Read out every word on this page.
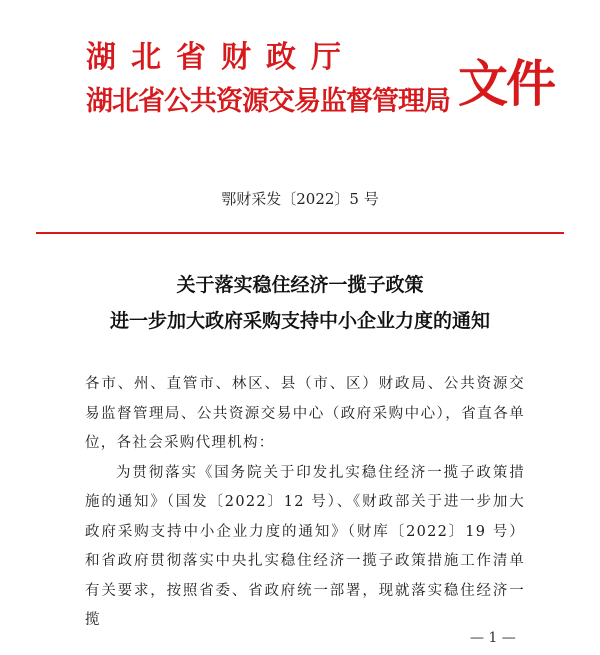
湖北省财政厅
湖北省公共资源交易监督管理局 文件
鄂财采发〔2022〕5 号
关于落实稳住经济一揽子政策
进一步加大政府采购支持中小企业力度的通知

各市、州、直管市、林区、县（市、区）财政局、公共资源交易监督管理局、公共资源交易中心（政府采购中心），省直各单位，各社会采购代理机构：

为贯彻落实《国务院关于印发扎实稳住经济一揽子政策措施的通知》（国发〔2022〕12 号）、《财政部关于进一步加大政府采购支持中小企业力度的通知》（财库〔2022〕19 号）和省政府贯彻落实中央扎实稳住经济一揽子政策措施工作清单有关要求，按照省委、省政府统一部署，现就落实稳住经济一揽

— 1 —
